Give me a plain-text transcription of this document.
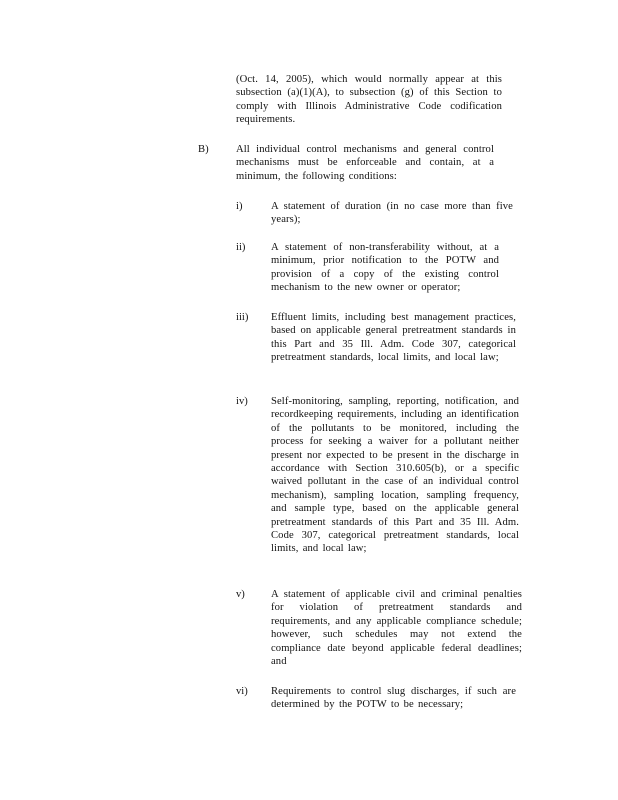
(Oct. 14, 2005), which would normally appear at this subsection (a)(1)(A), to subsection (g) of this Section to comply with Illinois Administrative Code codification requirements.
B)	All individual control mechanisms and general control mechanisms must be enforceable and contain, at a minimum, the following conditions:
i)	A statement of duration (in no case more than five years);
ii) A statement of non-transferability without, at a minimum, prior notification to the POTW and provision of a copy of the existing control mechanism to the new owner or operator;
iii) Effluent limits, including best management practices, based on applicable general pretreatment standards in this Part and 35 Ill. Adm. Code 307, categorical pretreatment standards, local limits, and local law;
iv) Self-monitoring, sampling, reporting, notification, and recordkeeping requirements, including an identification of the pollutants to be monitored, including the process for seeking a waiver for a pollutant neither present nor expected to be present in the discharge in accordance with Section 310.605(b), or a specific waived pollutant in the case of an individual control mechanism), sampling location, sampling frequency, and sample type, based on the applicable general pretreatment standards of this Part and 35 Ill. Adm. Code 307, categorical pretreatment standards, local limits, and local law;
v) A statement of applicable civil and criminal penalties for violation of pretreatment standards and requirements, and any applicable compliance schedule; however, such schedules may not extend the compliance date beyond applicable federal deadlines; and
vi) Requirements to control slug discharges, if such are determined by the POTW to be necessary;
